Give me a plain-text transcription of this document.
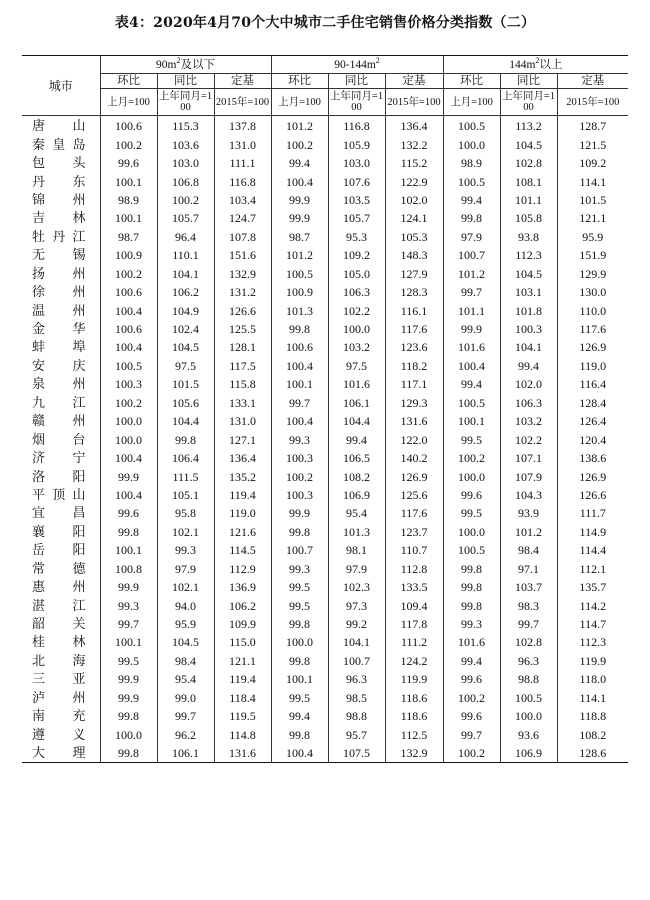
表4：2020年4月70个大中城市二手住宅销售价格分类指数（二）
城市	$90m^2$及以下			$90-144m^2$			$144m^2$以上		
	环比	同比	定基	环比	同比	定基	环比	同比	定基
	上月=100	上年同月=100	2015年=100	上月=100	上年同月=100	2015年=100	上月=100	上年同月=100	2015年=100
唐山	100.6	115.3	137.8	101.2	116.8	136.4	100.5	113.2	128.7
秦皇岛	100.2	103.6	131.0	100.2	105.9	132.2	100.0	104.5	121.5
包头	99.6	103.0	111.1	99.4	103.0	115.2	98.9	102.8	109.2
丹东	100.1	106.8	116.8	100.4	107.6	122.9	100.5	108.1	114.1
锦州	98.9	100.2	103.4	99.9	103.5	102.0	99.4	101.1	101.5
吉林	100.1	105.7	124.7	99.9	105.7	124.1	99.8	105.8	121.1
牡丹江	98.7	96.4	107.8	98.7	95.3	105.3	97.9	93.8	95.9
无锡	100.9	110.1	151.6	101.2	109.2	148.3	100.7	112.3	151.9
扬州	100.2	104.1	132.9	100.5	105.0	127.9	101.2	104.5	129.9
徐州	100.6	106.2	131.2	100.9	106.3	128.3	99.7	103.1	130.0
温州	100.4	104.9	126.6	101.3	102.2	116.1	101.1	101.8	110.0
金华	100.6	102.4	125.5	99.8	100.0	117.6	99.9	100.3	117.6
蚌埠	100.4	104.5	128.1	100.6	103.2	123.6	101.6	104.1	126.9
安庆	100.5	97.5	117.5	100.4	97.5	118.2	100.4	99.4	119.0
泉州	100.3	101.5	115.8	100.1	101.6	117.1	99.4	102.0	116.4
九江	100.2	105.6	133.1	99.7	106.1	129.3	100.5	106.3	128.4
赣州	100.0	104.4	131.0	100.4	104.4	131.6	100.1	103.2	126.4
烟台	100.0	99.8	127.1	99.3	99.4	122.0	99.5	102.2	120.4
济宁	100.4	106.4	136.4	100.3	106.5	140.2	100.2	107.1	138.6
洛阳	99.9	111.5	135.2	100.2	108.2	126.9	100.0	107.9	126.9
平顶山	100.4	105.1	119.4	100.3	106.9	125.6	99.6	104.3	126.6
宜昌	99.6	95.8	119.0	99.9	95.4	117.6	99.5	93.9	111.7
襄阳	99.8	102.1	121.6	99.8	101.3	123.7	100.0	101.2	114.9
岳阳	100.1	99.3	114.5	100.7	98.1	110.7	100.5	98.4	114.4
常德	100.8	97.9	112.9	99.3	97.9	112.8	99.8	97.1	112.1
惠州	99.9	102.1	136.9	99.5	102.3	133.5	99.8	103.7	135.7
湛江	99.3	94.0	106.2	99.5	97.3	109.4	99.8	98.3	114.2
韶关	99.7	95.9	109.9	99.8	99.2	117.8	99.3	99.7	114.7
桂林	100.1	104.5	115.0	100.0	104.1	111.2	101.6	102.8	112.3
北海	99.5	98.4	121.1	99.8	100.7	124.2	99.4	96.3	119.9
三亚	99.9	95.4	119.4	100.1	96.3	119.9	99.6	98.8	118.0
泸州	99.9	99.0	118.4	99.5	98.5	118.6	100.2	100.5	114.1
南充	99.8	99.7	119.5	99.4	98.8	118.6	99.6	100.0	118.8
遵义	100.0	96.2	114.8	99.8	95.7	112.5	99.7	93.6	108.2
大理	99.8	106.1	131.6	100.4	107.5	132.9	100.2	106.9	128.6
